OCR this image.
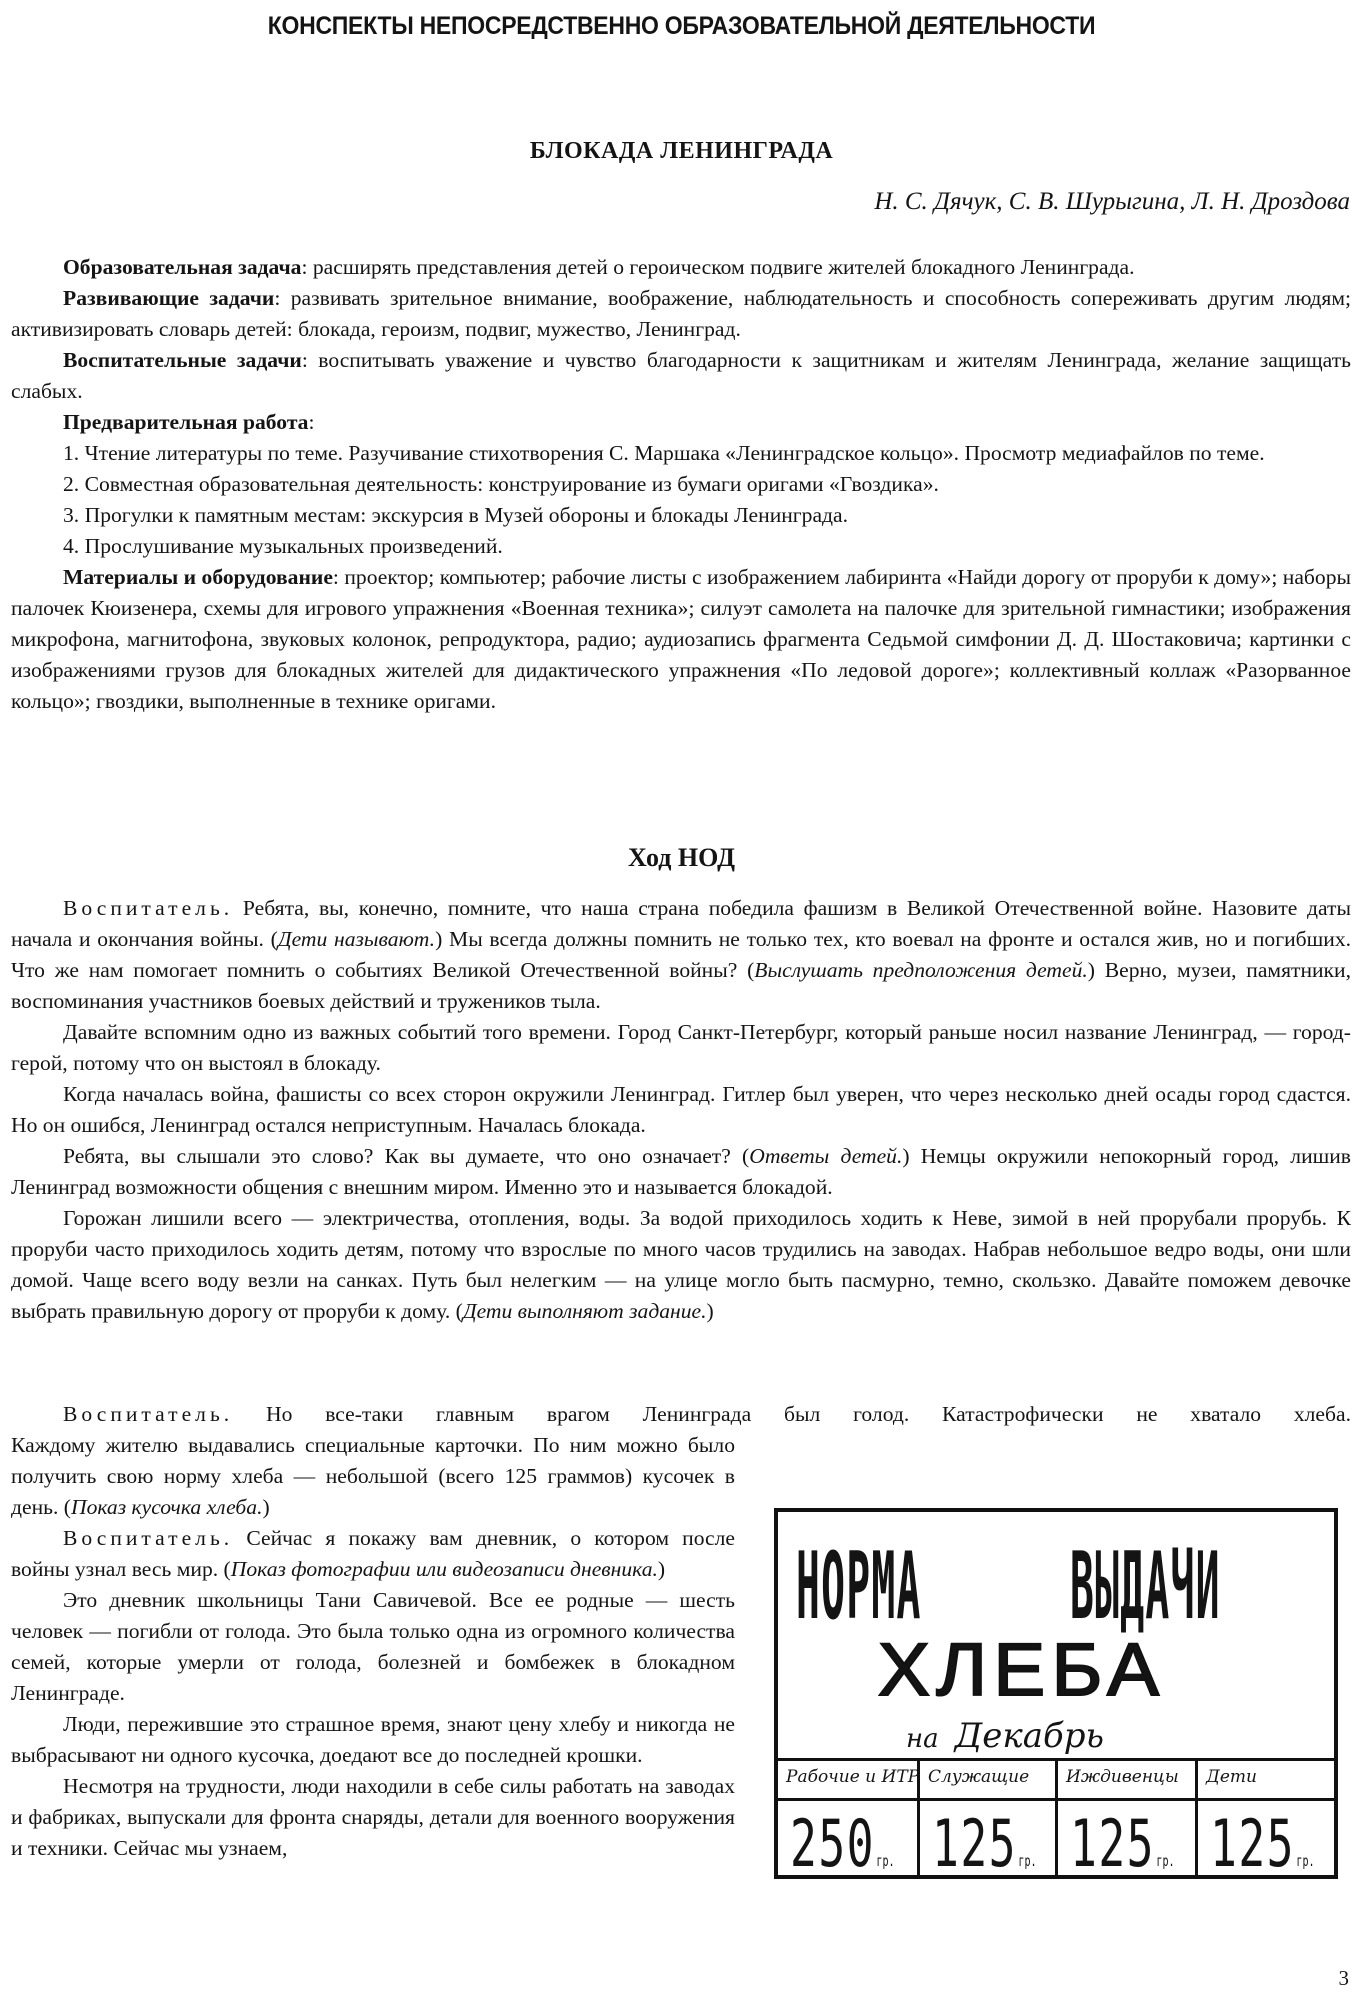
КОНСПЕКТЫ НЕПОСРЕДСТВЕННО ОБРАЗОВАТЕЛЬНОЙ ДЕЯТЕЛЬНОСТИ
БЛОКАДА ЛЕНИНГРАДА
Н. С. Дячук, С. В. Шурыгина, Л. Н. Дроздова

Образовательная задача: расширять представления детей о героическом подвиге жителей блокадного Ленинграда.

Развивающие задачи: развивать зрительное внимание, воображение, наблюдательность и способность сопереживать другим людям; активизировать словарь детей: блокада, героизм, подвиг, мужество, Ленинград.

Воспитательные задачи: воспитывать уважение и чувство благодарности к защитникам и жителям Ленинграда, желание защищать слабых.

Предварительная работа:

1. Чтение литературы по теме. Разучивание стихотворения С. Маршака «Ленинградское кольцо». Просмотр медиафайлов по теме.

2. Совместная образовательная деятельность: конструирование из бумаги оригами «Гвоздика».

3. Прогулки к памятным местам: экскурсия в Музей обороны и блокады Ленинграда.

4. Прослушивание музыкальных произведений.

Материалы и оборудование: проектор; компьютер; рабочие листы с изображением лабиринта «Найди дорогу от проруби к дому»; наборы палочек Кюизенера, схемы для игрового упражнения «Военная техника»; силуэт самолета на палочке для зрительной гимнастики; изображения микрофона, магнитофона, звуковых колонок, репродуктора, радио; аудиозапись фрагмента Седьмой симфонии Д. Д. Шостаковича; картинки с изображениями грузов для блокадных жителей для дидактического упражнения «По ледовой дороге»; коллективный коллаж «Разорванное кольцо»; гвоздики, выполненные в технике оригами.

Ход НОД

Воспитатель. Ребята, вы, конечно, помните, что наша страна победила фашизм в Великой Отечественной войне. Назовите даты начала и окончания войны. (Дети называют.) Мы всегда должны помнить не только тех, кто воевал на фронте и остался жив, но и погибших. Что же нам помогает помнить о событиях Великой Отечественной войны? (Выслушать предположения детей.) Верно, музеи, памятники, воспоминания участников боевых действий и тружеников тыла.

Давайте вспомним одно из важных событий того времени. Город Санкт-Петербург, который раньше носил название Ленинград, — город-герой, потому что он выстоял в блокаду.

Когда началась война, фашисты со всех сторон окружили Ленинград. Гитлер был уверен, что через несколько дней осады город сдастся. Но он ошибся, Ленинград остался неприступным. Началась блокада.

Ребята, вы слышали это слово? Как вы думаете, что оно означает? (Ответы детей.) Немцы окружили непокорный город, лишив Ленинград возможности общения с внешним миром. Именно это и называется блокадой.

Горожан лишили всего — электричества, отопления, воды. За водой приходилось ходить к Неве, зимой в ней прорубали прорубь. К проруби часто приходилось ходить детям, потому что взрослые по много часов трудились на заводах. Набрав небольшое ведро воды, они шли домой. Чаще всего воду везли на санках. Путь был нелегким — на улице могло быть пасмурно, темно, скользко. Давайте поможем девочке выбрать правильную дорогу от проруби к дому. (Дети выполняют задание.)

Воспитатель. Но все-таки главным врагом Ленинграда был голод. Катастрофически не хватало хлеба.

Каждому жителю выдавались специальные карточки. По ним можно было получить свою норму хлеба — небольшой (всего 125 граммов) кусочек в день. (Показ кусочка хлеба.)

Воспитатель. Сейчас я покажу вам дневник, о котором после войны узнал весь мир. (Показ фотографии или видеозаписи дневника.)

Это дневник школьницы Тани Савичевой. Все ее родные — шесть человек — погибли от голода. Это была только одна из огромного количества семей, которые умерли от голода, болезней и бомбежек в блокадном Ленинграде.

Люди, пережившие это страшное время, знают цену хлебу и никогда не выбрасывают ни одного кусочка, доедают все до последней крошки.

Несмотря на трудности, люди находили в себе силы работать на заводах и фабриках, выпускали для фронта снаряды, детали для военного вооружения и техники. Сейчас мы узнаем,

НОРМА ВЫДАЧИ
ХЛЕБА
на Декабрь
Рабочие и ИТР
250гр.
Служащие
125гр.
Иждивенцы
125гр.
Дети
125гр.
3
